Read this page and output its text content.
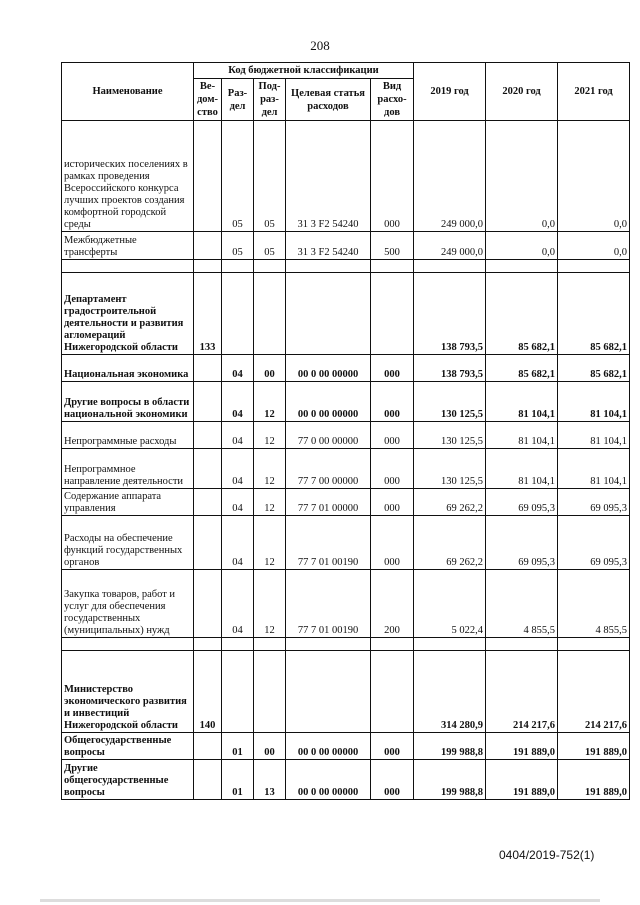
208
Наименование	Код бюджетной классификации					2019 год	2020 год	2021 год
	Ве-дом-ство	Раз-дел	Под-раз-дел	Целевая статья расходов	Вид расхо-дов			
исторических поселениях в рамках проведения Всероссийского конкурса лучших проектов создания комфортной городской среды		05	05	31 3 F2 54240	000	249 000,0	0,0	0,0
Межбюджетные трансферты		05	05	31 3 F2 54240	500	249 000,0	0,0	0,0

Департамент градостроительной деятельности и развития агломераций Нижегородской области	133					138 793,5	85 682,1	85 682,1
Национальная экономика		04	00	00 0 00 00000	000	138 793,5	85 682,1	85 682,1
Другие вопросы в области национальной экономики		04	12	00 0 00 00000	000	130 125,5	81 104,1	81 104,1
Непрограммные расходы		04	12	77 0 00 00000	000	130 125,5	81 104,1	81 104,1
Непрограммное направление деятельности		04	12	77 7 00 00000	000	130 125,5	81 104,1	81 104,1
Содержание аппарата управления		04	12	77 7 01 00000	000	69 262,2	69 095,3	69 095,3
Расходы на обеспечение функций государственных органов		04	12	77 7 01 00190	000	69 262,2	69 095,3	69 095,3
Закупка товаров, работ и услуг для обеспечения государственных (муниципальных) нужд		04	12	77 7 01 00190	200	5 022,4	4 855,5	4 855,5

Министерство экономического развития и инвестиций Нижегородской области	140					314 280,9	214 217,6	214 217,6
Общегосударственные вопросы		01	00	00 0 00 00000	000	199 988,8	191 889,0	191 889,0
Другие общегосударственные вопросы		01	13	00 0 00 00000	000	199 988,8	191 889,0	191 889,0
0404/2019-752(1)
